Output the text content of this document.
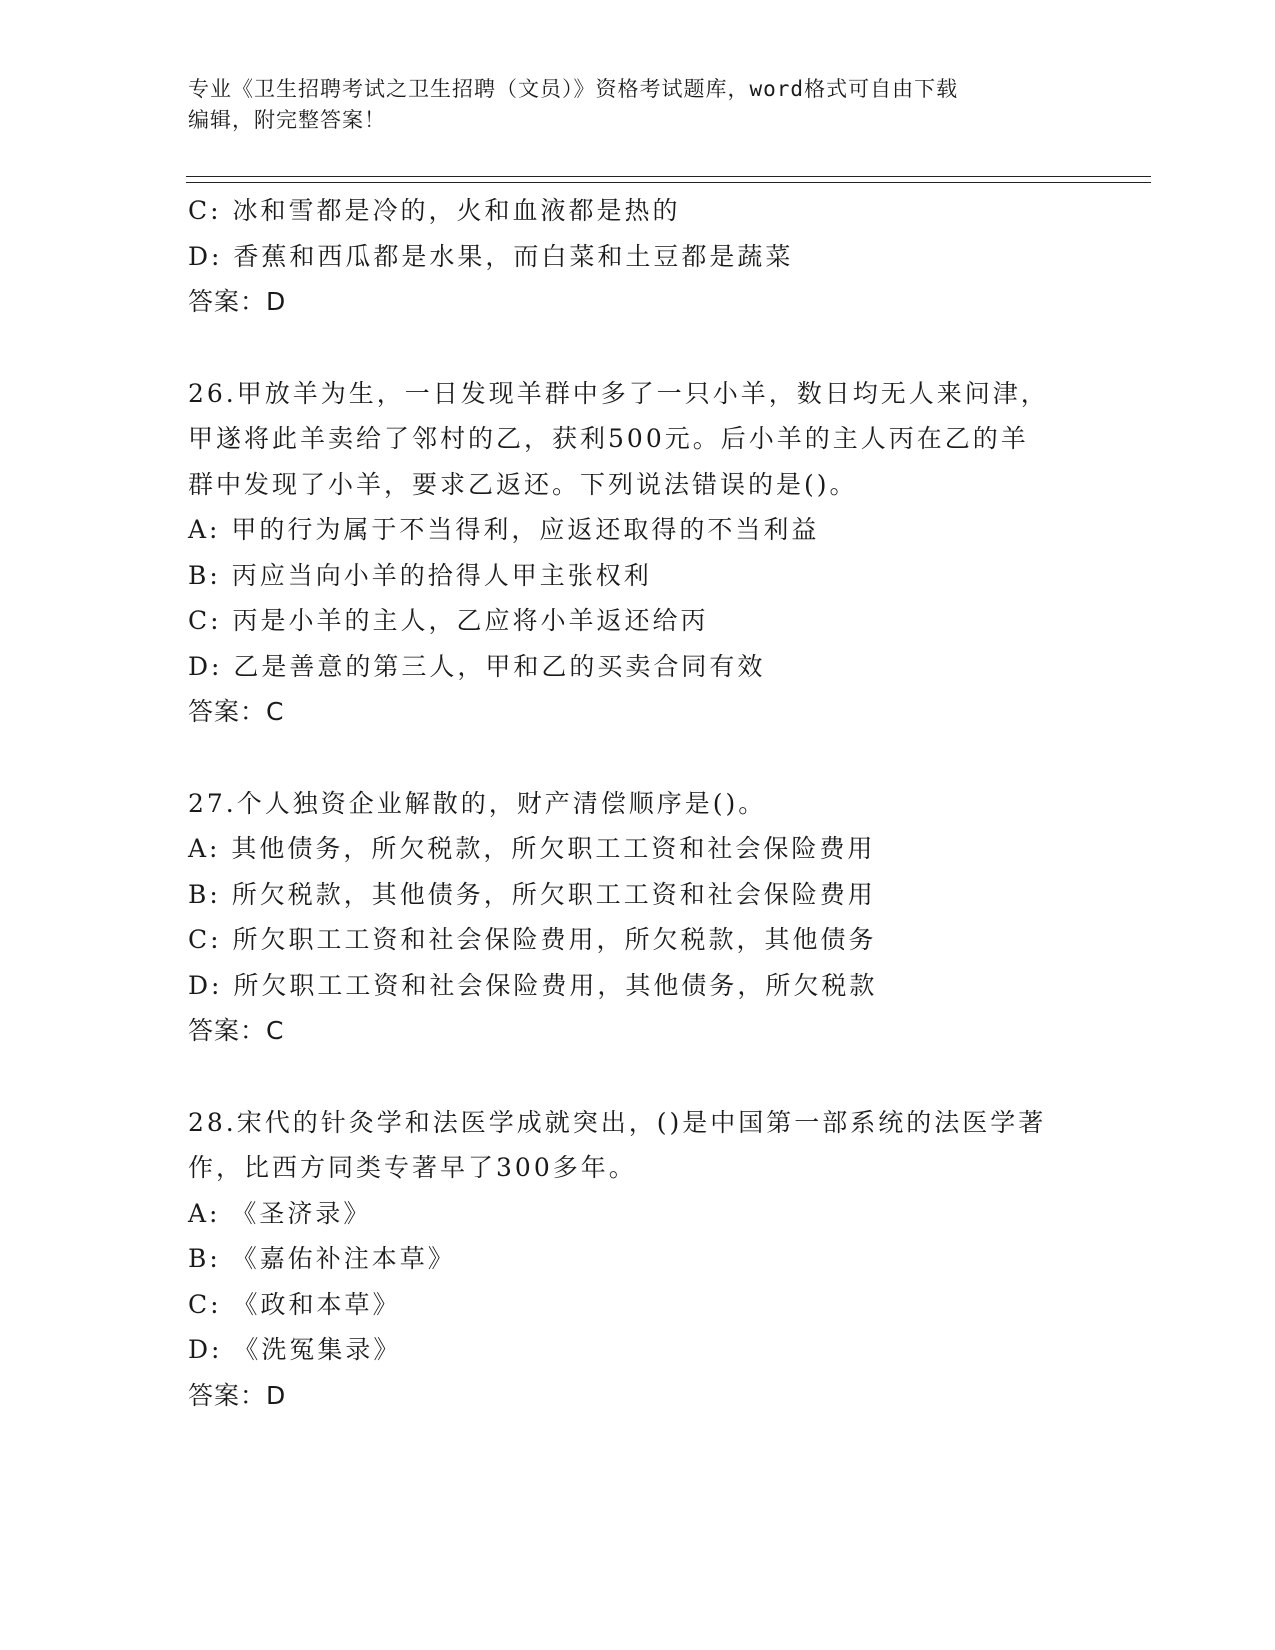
专业《卫生招聘考试之卫生招聘（文员）》资格考试题库，word格式可自由下载
编辑，附完整答案！
C: 冰和雪都是冷的，火和血液都是热的
D: 香蕉和西瓜都是水果，而白菜和土豆都是蔬菜
答案：D
26.甲放羊为生，一日发现羊群中多了一只小羊，数日均无人来问津，
甲遂将此羊卖给了邻村的乙，获利500元。后小羊的主人丙在乙的羊
群中发现了小羊，要求乙返还。下列说法错误的是()。
A: 甲的行为属于不当得利，应返还取得的不当利益
B: 丙应当向小羊的拾得人甲主张权利
C: 丙是小羊的主人，乙应将小羊返还给丙
D: 乙是善意的第三人，甲和乙的买卖合同有效
答案：C
27.个人独资企业解散的，财产清偿顺序是()。
A: 其他债务，所欠税款，所欠职工工资和社会保险费用
B: 所欠税款，其他债务，所欠职工工资和社会保险费用
C: 所欠职工工资和社会保险费用，所欠税款，其他债务
D: 所欠职工工资和社会保险费用，其他债务，所欠税款
答案：C
28.宋代的针灸学和法医学成就突出，()是中国第一部系统的法医学著
作，比西方同类专著早了300多年。
A: 《圣济录》
B: 《嘉佑补注本草》
C: 《政和本草》
D: 《洗冤集录》
答案：D
